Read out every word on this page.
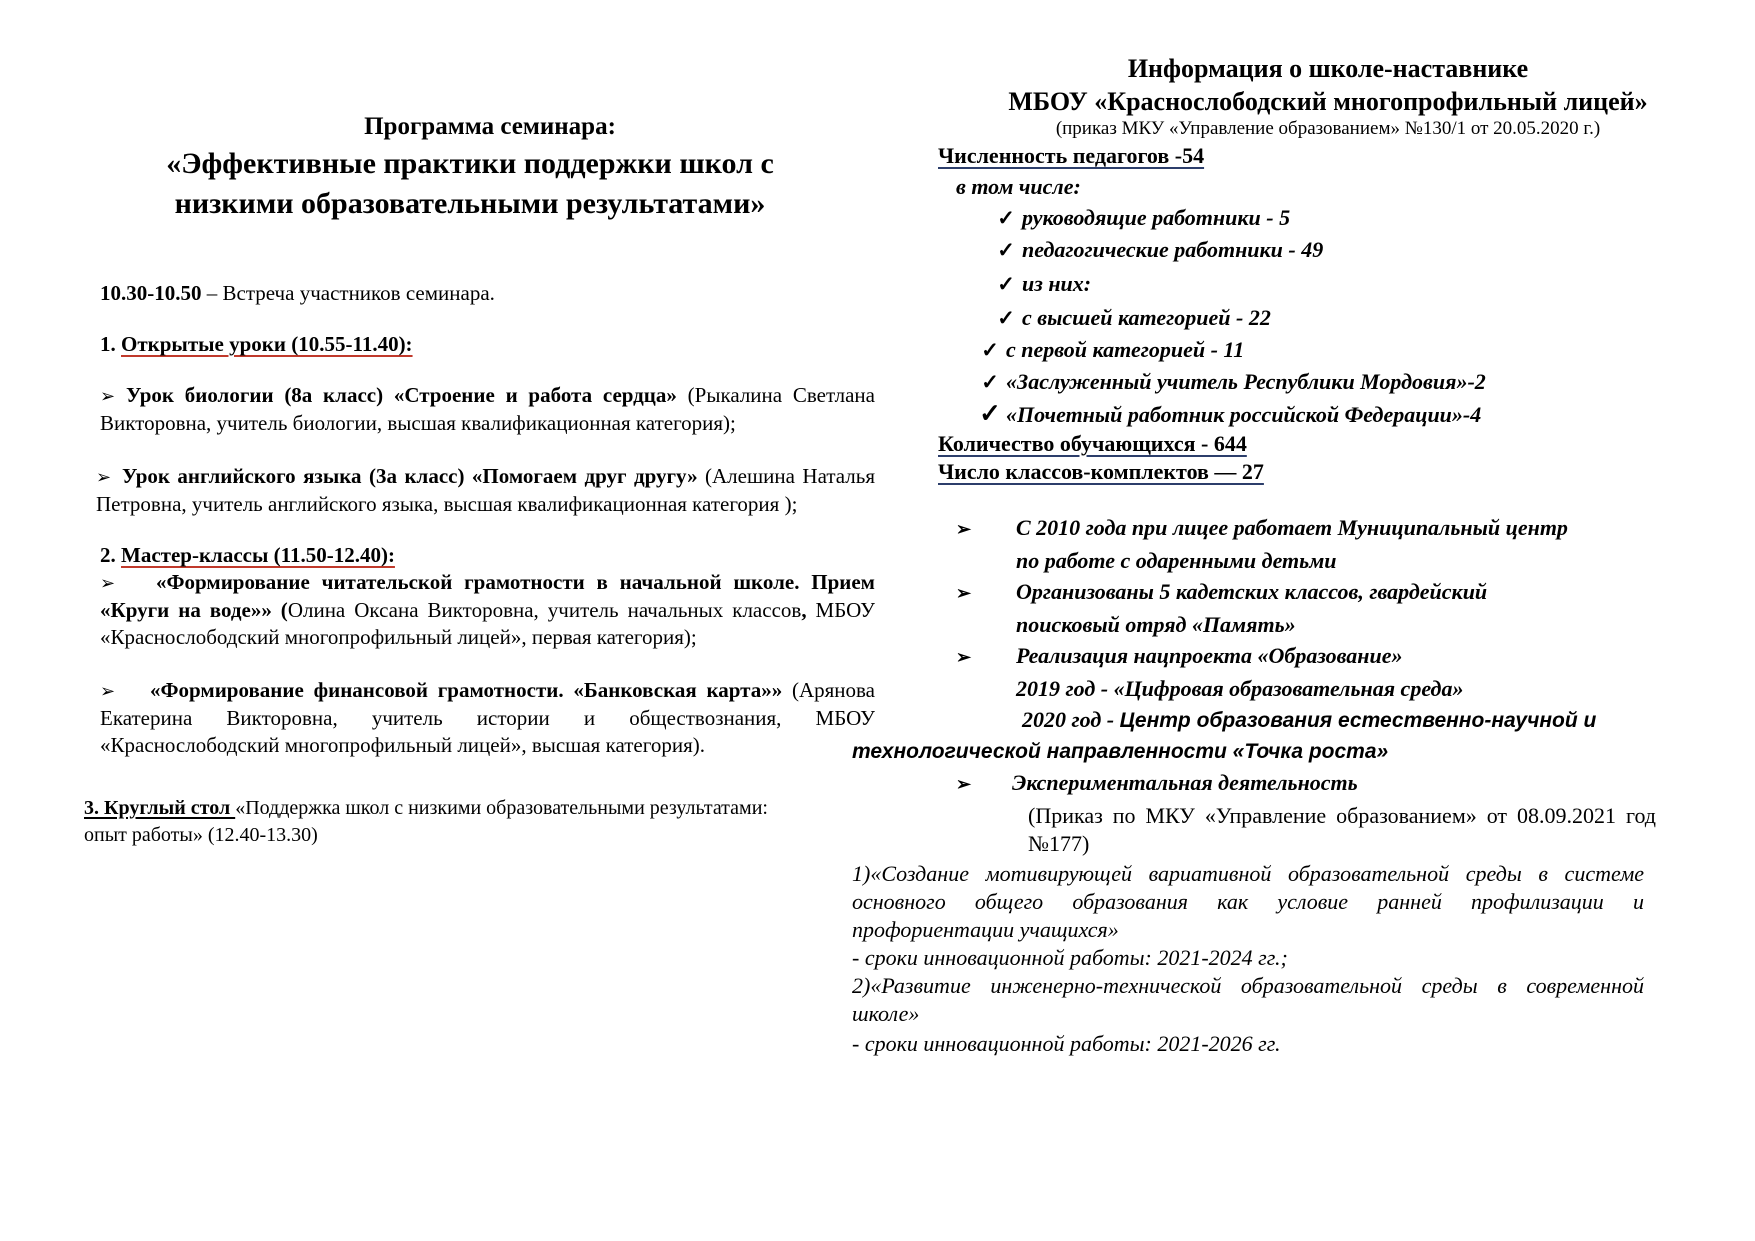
Программа семинара:
«Эффективные практики поддержки школ с
низкими образовательными результатами»
10.30-10.50 – Встреча участников семинара.
1. Открытые уроки (10.55-11.40):
➢ Урок биологии (8а класс) «Строение и работа сердца» (Рыкалина Светлана Викторовна, учитель биологии, высшая квалификационная категория);
➢ Урок английского языка (3а класс) «Помогаем друг другу» (Алешина Наталья Петровна, учитель английского языка, высшая квалификационная категория );
2. Мастер-классы (11.50-12.40):
➢ «Формирование читательской грамотности в начальной школе. Прием «Круги на воде»» (Олина Оксана Викторовна, учитель начальных классов, МБОУ «Краснослободский многопрофильный лицей», первая категория);
➢ «Формирование финансовой грамотности. «Банковская карта»» (Арянова Екатерина Викторовна, учитель истории и обществознания, МБОУ «Краснослободский многопрофильный лицей», высшая категория).
3. Круглый стол «Поддержка школ с низкими образовательными результатами: опыт работы» (12.40-13.30)
Информация о школе-наставнике
МБОУ «Краснослободский многопрофильный лицей»
(приказ МКУ «Управление образованием» №130/1 от 20.05.2020 г.)
Численность педагогов -54
в том числе:
✓ руководящие работники - 5
✓ педагогические работники - 49
✓ из них:
✓ с высшей категорией - 22
✓ с первой категорией - 11
✓ «Заслуженный учитель Республики Мордовия»-2
✓ «Почетный работник российской Федерации»-4
Количество обучающихся - 644
Число классов-комплектов — 27
➢ С 2010 года при лицее работает Муниципальный центр
по работе с одаренными детьми
➢ Организованы 5 кадетских классов, гвардейский
поисковый отряд «Память»
➢ Реализация нацпроекта «Образование»
2019 год - «Цифровая образовательная среда»
2020 год - Центр образования естественно-научной и
технологической направленности «Точка роста»
➢ Экспериментальная деятельность
(Приказ по МКУ «Управление образованием» от 08.09.2021 год №177)
1)«Создание мотивирующей вариативной образовательной среды в системе основного общего образования как условие ранней профилизации и профориентации учащихся»
- сроки инновационной работы: 2021-2024 гг.;
2)«Развитие инженерно-технической образовательной среды в современной школе»
- сроки инновационной работы: 2021-2026 гг.
